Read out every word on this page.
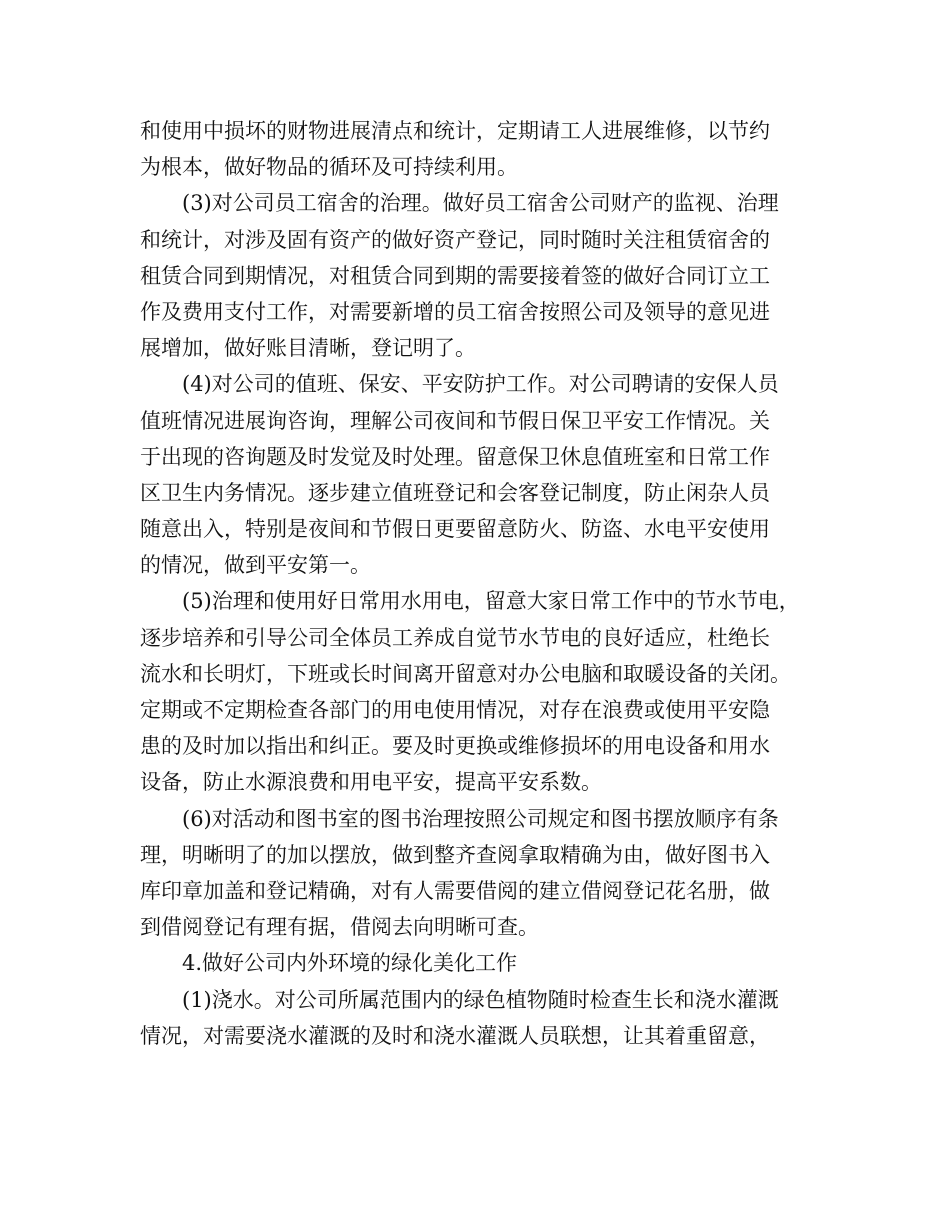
和使用中损坏的财物进展清点和统计，定期请工人进展维修，以节约
为根本，做好物品的循环及可持续利用。
(3)对公司员工宿舍的治理。做好员工宿舍公司财产的监视、治理
和统计，对涉及固有资产的做好资产登记，同时随时关注租赁宿舍的
租赁合同到期情况，对租赁合同到期的需要接着签的做好合同订立工
作及费用支付工作，对需要新增的员工宿舍按照公司及领导的意见进
展增加，做好账目清晰，登记明了。
(4)对公司的值班、保安、平安防护工作。对公司聘请的安保人员
值班情况进展询咨询，理解公司夜间和节假日保卫平安工作情况。关
于出现的咨询题及时发觉及时处理。留意保卫休息值班室和日常工作
区卫生内务情况。逐步建立值班登记和会客登记制度，防止闲杂人员
随意出入，特别是夜间和节假日更要留意防火、防盗、水电平安使用
的情况，做到平安第一。
(5)治理和使用好日常用水用电，留意大家日常工作中的节水节电，
逐步培养和引导公司全体员工养成自觉节水节电的良好适应，杜绝长
流水和长明灯，下班或长时间离开留意对办公电脑和取暖设备的关闭。
定期或不定期检查各部门的用电使用情况，对存在浪费或使用平安隐
患的及时加以指出和纠正。要及时更换或维修损坏的用电设备和用水
设备，防止水源浪费和用电平安，提高平安系数。
(6)对活动和图书室的图书治理按照公司规定和图书摆放顺序有条
理，明晰明了的加以摆放，做到整齐查阅拿取精确为由，做好图书入
库印章加盖和登记精确，对有人需要借阅的建立借阅登记花名册，做
到借阅登记有理有据，借阅去向明晰可查。
4.做好公司内外环境的绿化美化工作
(1)浇水。对公司所属范围内的绿色植物随时检查生长和浇水灌溉
情况，对需要浇水灌溉的及时和浇水灌溉人员联想，让其着重留意，
